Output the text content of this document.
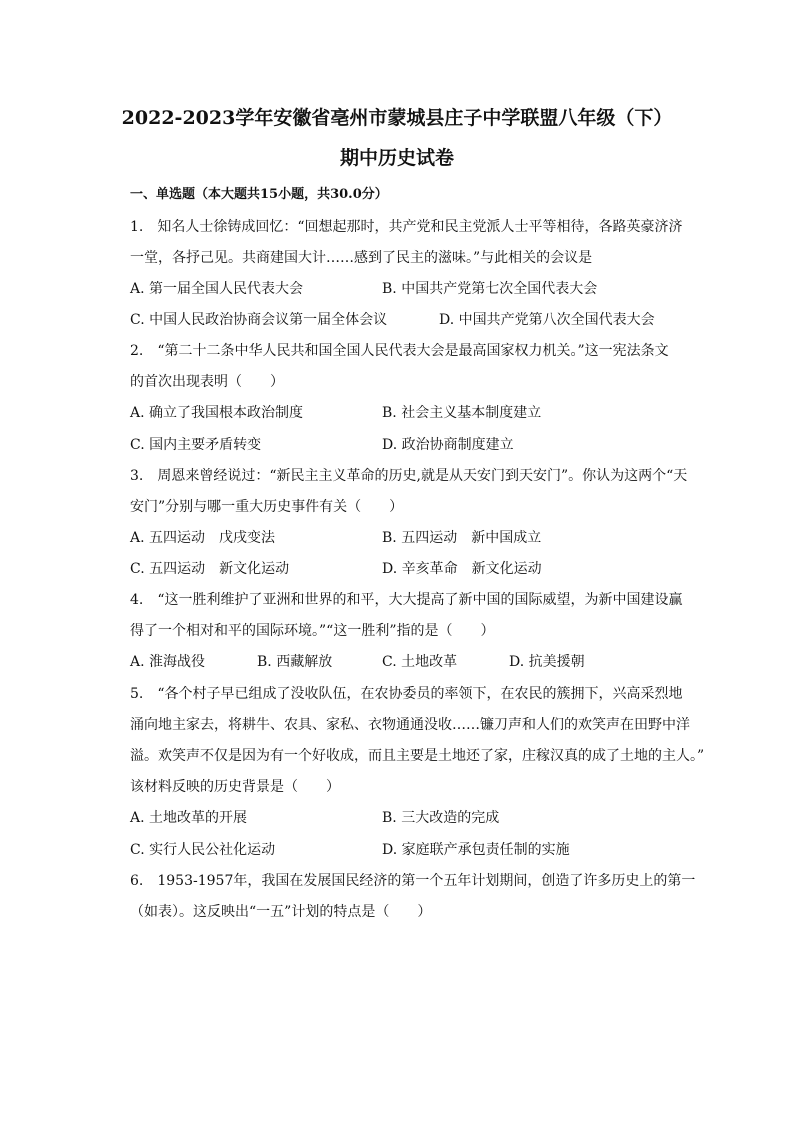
2022-2023学年安徽省亳州市蒙城县庄子中学联盟八年级（下）
期中历史试卷
一、单选题（本大题共15小题，共30.0分）
1.　知名人士徐铸成回忆：“回想起那时，共产党和民主党派人士平等相待，各路英豪济济
一堂，各抒己见。共商建国大计……感到了民主的滋味。”与此相关的会议是
A. 第一届全国人民代表大会	B. 中国共产党第七次全国代表大会
C. 中国人民政治协商会议第一届全体会议	D. 中国共产党第八次全国代表大会
2.　“第二十二条中华人民共和国全国人民代表大会是最高国家权力机关。”这一宪法条文
的首次出现表明（　　）
A. 确立了我国根本政治制度	B. 社会主义基本制度建立
C. 国内主要矛盾转变	D. 政治协商制度建立
3.　周恩来曾经说过：“新民主主义革命的历史,就是从天安门到天安门”。你认为这两个“天
安门”分别与哪一重大历史事件有关（　　）
A. 五四运动　戊戌变法	B. 五四运动　新中国成立
C. 五四运动　新文化运动	D. 辛亥革命　新文化运动
4.　“这一胜利维护了亚洲和世界的和平，大大提高了新中国的国际威望，为新中国建设赢
得了一个相对和平的国际环境。”“这一胜利”指的是（　　）
A. 淮海战役	B. 西藏解放	C. 土地改革	D. 抗美援朝
5.　“各个村子早已组成了没收队伍，在农协委员的率领下，在农民的簇拥下，兴高采烈地
涌向地主家去，将耕牛、农具、家私、衣物通通没收……镰刀声和人们的欢笑声在田野中洋
溢。欢笑声不仅是因为有一个好收成，而且主要是土地还了家，庄稼汉真的成了土地的主人。”
该材料反映的历史背景是（　　）
A. 土地改革的开展	B. 三大改造的完成
C. 实行人民公社化运动	D. 家庭联产承包责任制的实施
6.　1953-1957年，我国在发展国民经济的第一个五年计划期间，创造了许多历史上的第一
（如表）。这反映出“一五”计划的特点是（　　）
